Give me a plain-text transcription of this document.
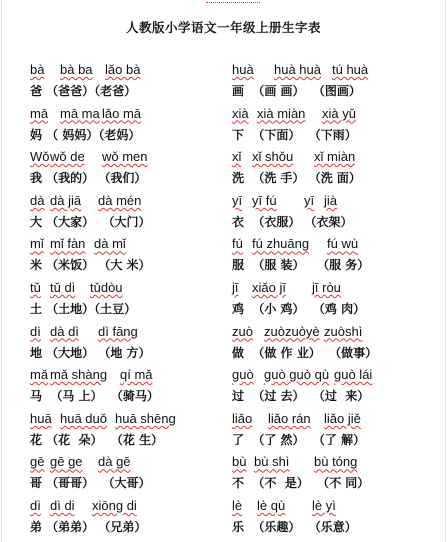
人教版小学语文一年级上册生字表
bà bà ba lǎo bà
爸 （爸爸）（老爸）
mā mā ma lǎo mā
妈 （ 妈妈）（老妈）
Wǒ wǒ de wǒ men
我 （我的） （我们）
dà dà jiā dà mén
大 （大家）  （大门）
mǐ mǐ fàn dà mǐ
米 （米饭） （大 米）
tǔ tǔ dì tǔdòu
土 （土地）（土豆）
dì dà dì dì fāng
地 （大地） （地 方）
mǎ mǎ shàng qí mǎ
马  （马 上）  （骑马）
huā huā duǒ huā shēng
花 （花  朵）  （花 生）
gē gē ge dà gē
哥 （哥哥）  （大哥）
dì dì di xiōng di
弟 （弟弟） （兄弟）
huà huà huà tú huà
画  （画 画）  （图画）
xià xià miàn xià yǔ
下  （下面）  （下雨）
xǐ xǐ shǒu xǐ miàn
洗  （洗 手） （洗 面）
yī yī fú yī jià
衣  （衣服） （衣架）
fú fú zhuāng fú wù
服  （服 装）   （服 务）
jī xiǎo jī jī ròu
鸡  （小 鸡）  （鸡 肉）
zuò zuòzuòyè zuòshì
做  （做 作 业）  （做事）
guò guò guò qù guò lái
过  （过 去）  （过  来）
liǎo liǎo rán liǎo jiě
了  （了 然）  （了 解）
bù bù shì bù tóng
不  （不  是）  （不 同）
lè lè qù lè yì
乐  （乐趣）  （乐意）
